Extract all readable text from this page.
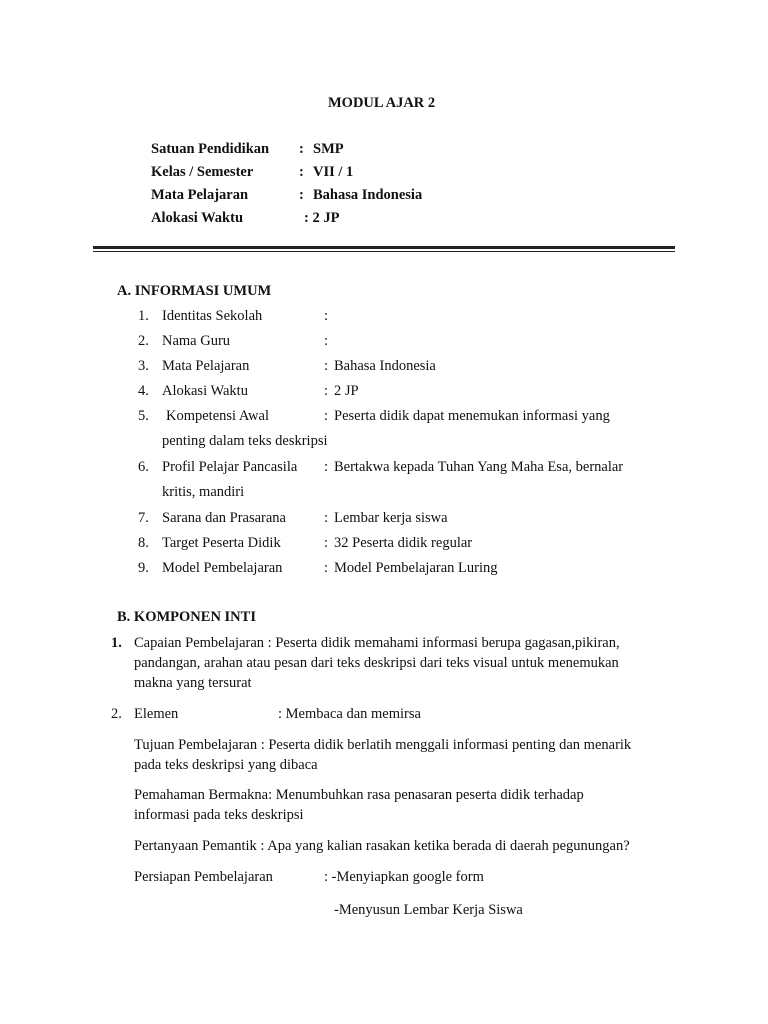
MODUL AJAR 2
Satuan Pendidikan : SMP
Kelas / Semester	: VII / 1
Mata Pelajaran	: Bahasa Indonesia
Alokasi Waktu	: 2 JP
A. INFORMASI UMUM
1. Identitas Sekolah	:
2. Nama Guru	:
3. Mata Pelajaran	: Bahasa Indonesia
4. Alokasi Waktu	: 2 JP
5. Kompetensi Awal	: Peserta didik dapat menemukan informasi yang
penting dalam teks deskripsi
6. Profil Pelajar Pancasila : Bertakwa kepada Tuhan Yang Maha Esa, bernalar
kritis, mandiri
7. Sarana dan Prasarana	: Lembar kerja siswa
8. Target Peserta Didik	: 32 Peserta didik regular
9. Model Pembelajaran	: Model Pembelajaran Luring
B. KOMPONEN INTI
1. Capaian Pembelajaran : Peserta didik memahami informasi berupa gagasan,pikiran,
pandangan, arahan atau pesan dari teks deskripsi dari teks visual untuk menemukan
makna yang tersurat
2. Elemen	: Membaca dan memirsa
Tujuan Pembelajaran : Peserta didik berlatih menggali informasi penting dan menarik
pada teks deskripsi yang dibaca
Pemahaman Bermakna: Menumbuhkan rasa penasaran peserta didik terhadap
informasi pada teks deskripsi
Pertanyaan Pemantik : Apa yang kalian rasakan ketika berada di daerah pegunungan?
Persiapan Pembelajaran	: -Menyiapkan google form
-Menyusun Lembar Kerja Siswa
